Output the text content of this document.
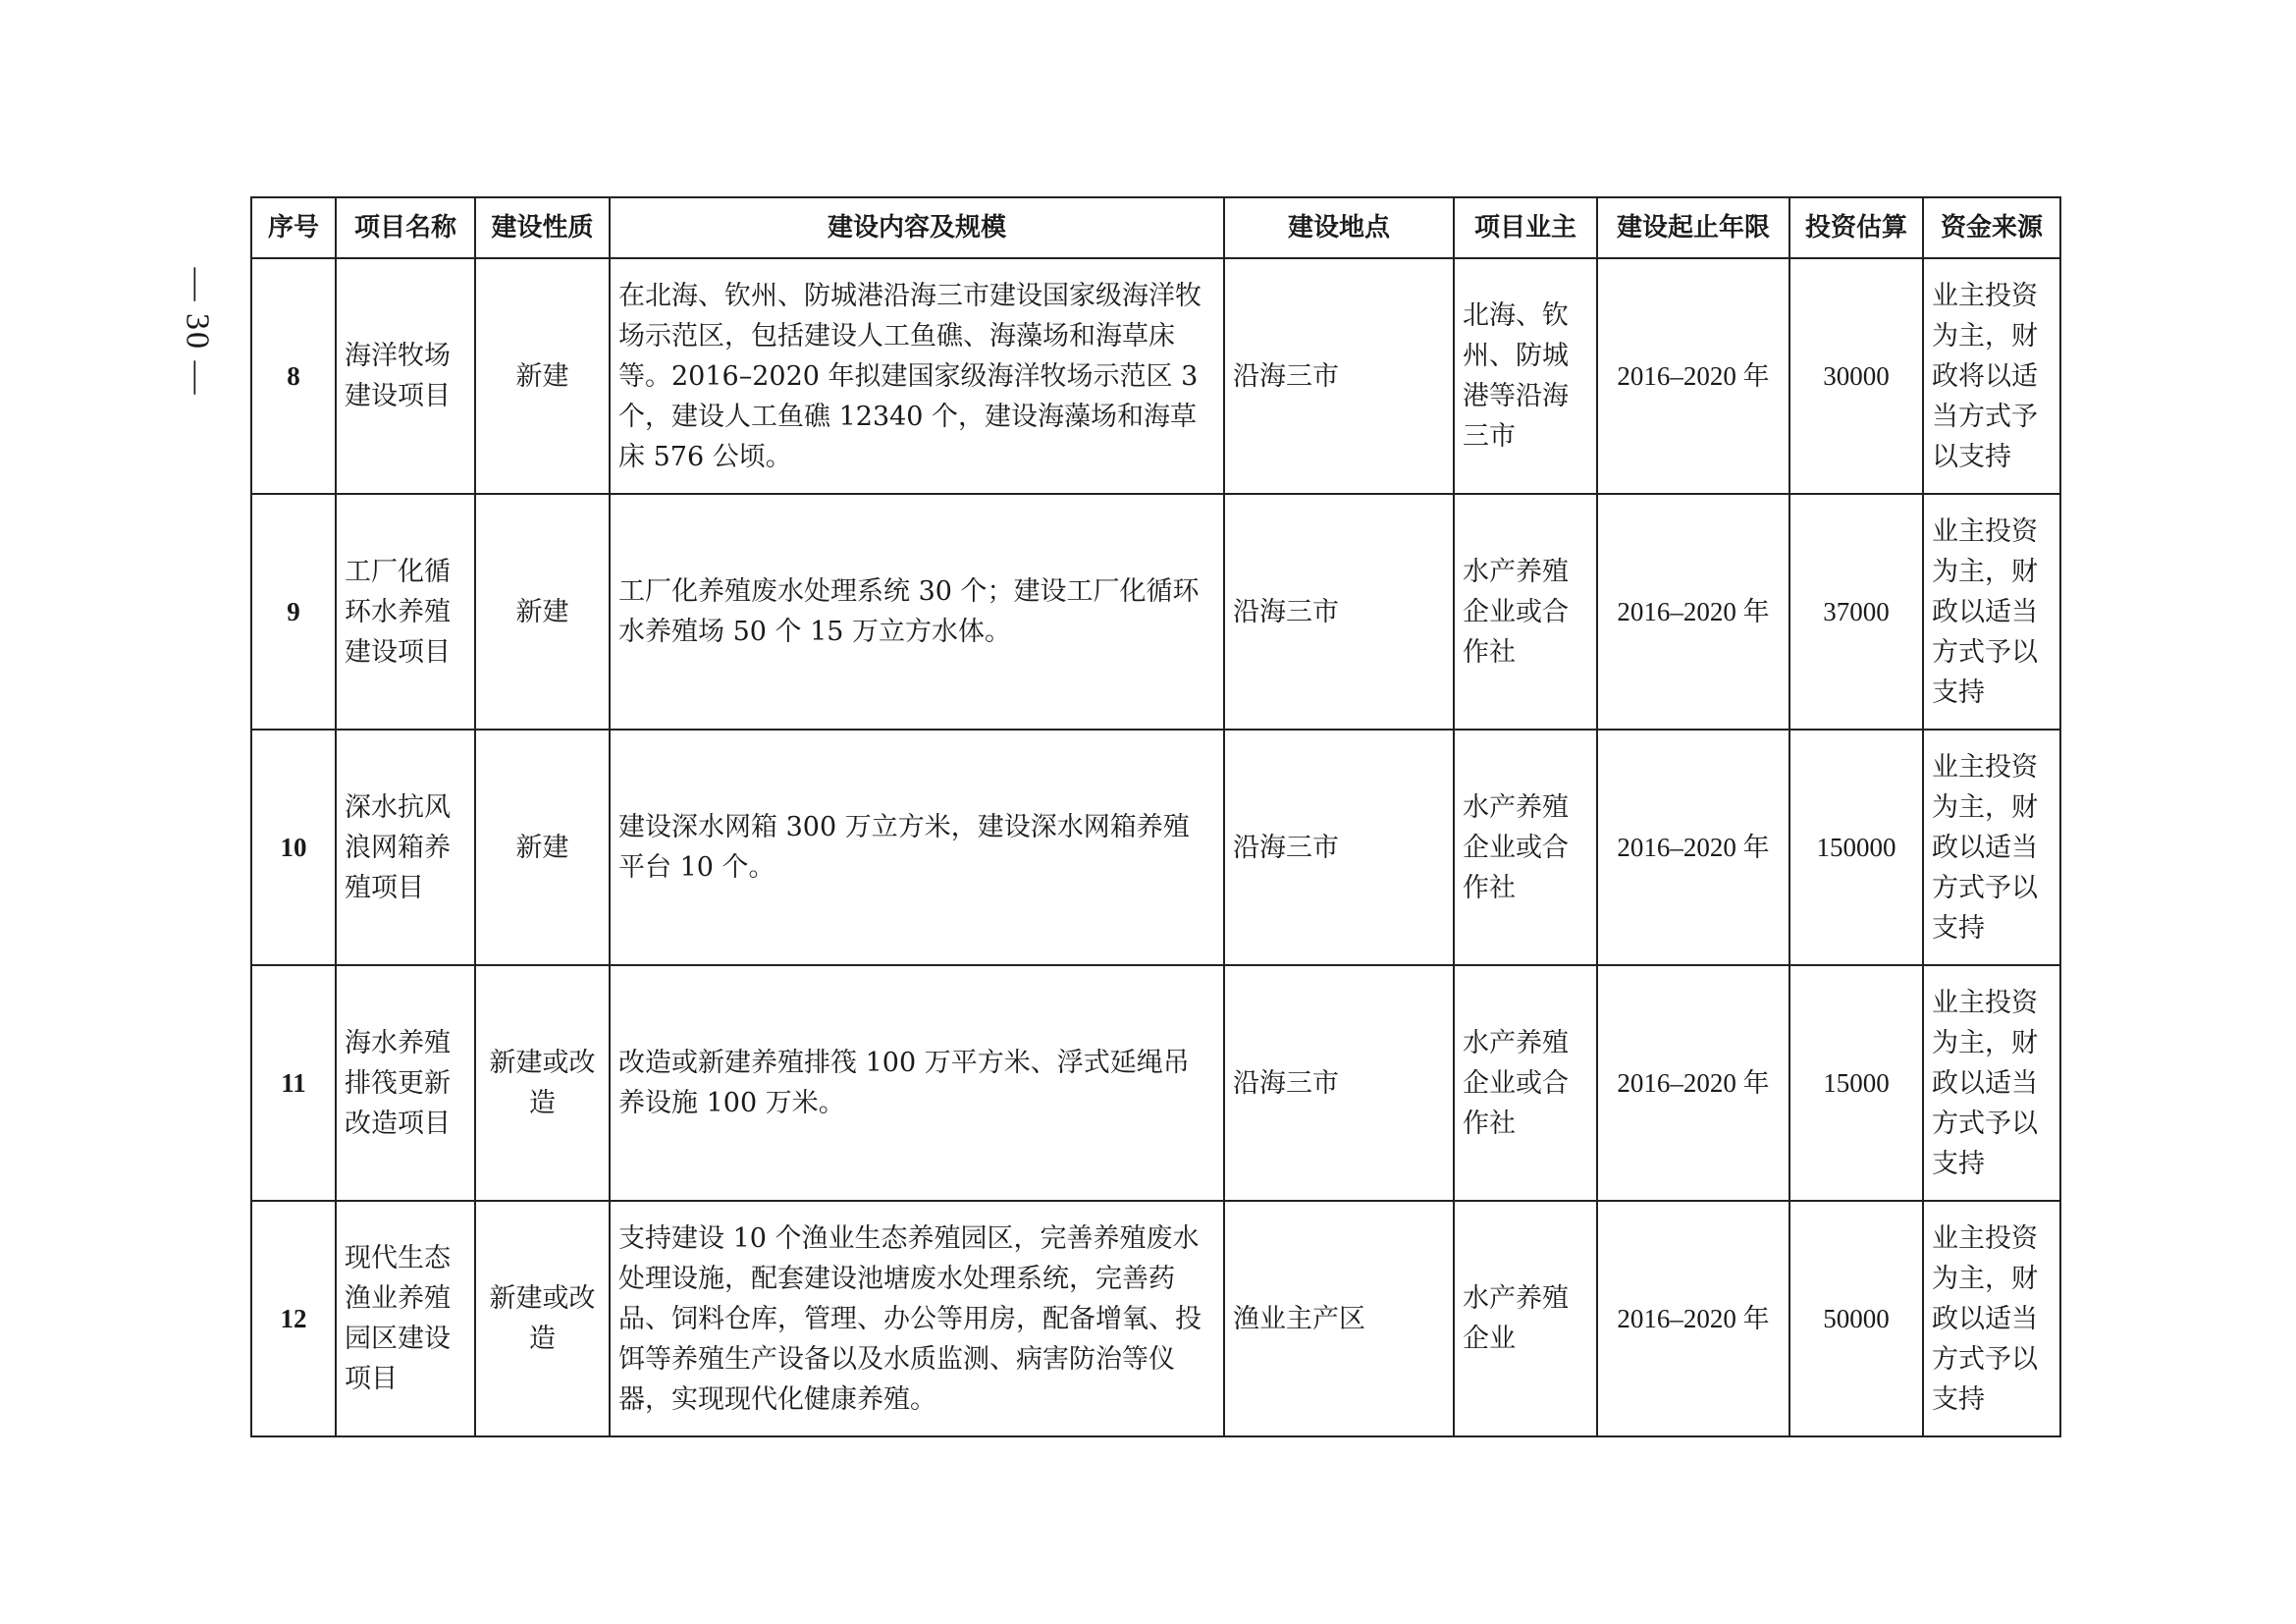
— 30 —
序号	项目名称	建设性质	建设内容及规模	建设地点	项目业主	建设起止年限	投资估算	资金来源
8	海洋牧场建设项目	新建	在北海、钦州、防城港沿海三市建设国家级海洋牧场示范区，包括建设人工鱼礁、海藻场和海草床等。2016–2020 年拟建国家级海洋牧场示范区 3 个，建设人工鱼礁 12340 个，建设海藻场和海草床 576 公顷。	沿海三市	北海、钦州、防城港等沿海三市	2016–2020 年	30000	业主投资为主，财政将以适当方式予以支持
9	工厂化循环水养殖建设项目	新建	工厂化养殖废水处理系统 30 个；建设工厂化循环水养殖场 50 个 15 万立方水体。	沿海三市	水产养殖企业或合作社	2016–2020 年	37000	业主投资为主，财政以适当方式予以支持
10	深水抗风浪网箱养殖项目	新建	建设深水网箱 300 万立方米，建设深水网箱养殖平台 10 个。	沿海三市	水产养殖企业或合作社	2016–2020 年	150000	业主投资为主，财政以适当方式予以支持
11	海水养殖排筏更新改造项目	新建或改造	改造或新建养殖排筏 100 万平方米、浮式延绳吊养设施 100 万米。	沿海三市	水产养殖企业或合作社	2016–2020 年	15000	业主投资为主，财政以适当方式予以支持
12	现代生态渔业养殖园区建设项目	新建或改造	支持建设 10 个渔业生态养殖园区，完善养殖废水处理设施，配套建设池塘废水处理系统，完善药品、饲料仓库，管理、办公等用房，配备增氧、投饵等养殖生产设备以及水质监测、病害防治等仪器，实现现代化健康养殖。	渔业主产区	水产养殖企业	2016–2020 年	50000	业主投资为主，财政以适当方式予以支持
